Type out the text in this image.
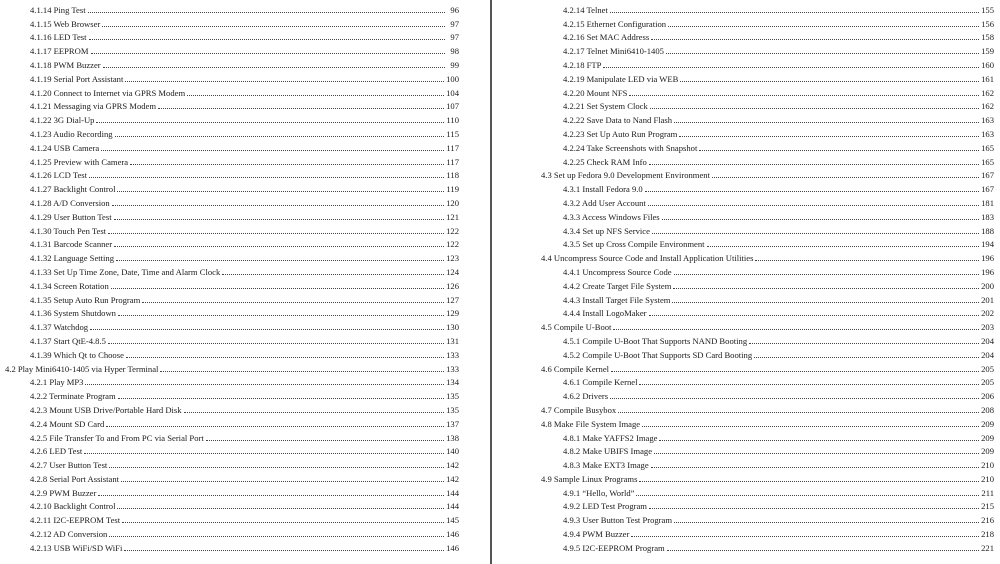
4.1.14 Ping Test	96
4.1.15 Web Browser	97
4.1.16 LED Test	97
4.1.17 EEPROM	98
4.1.18 PWM Buzzer	99
4.1.19 Serial Port Assistant	100
4.1.20 Connect to Internet via GPRS Modem	104
4.1.21 Messaging via GPRS Modem	107
4.1.22 3G Dial-Up	110
4.1.23 Audio Recording	115
4.1.24 USB Camera	117
4.1.25 Preview with Camera	117
4.1.26 LCD Test	118
4.1.27 Backlight Control	119
4.1.28 A/D Conversion	120
4.1.29 User Button Test	121
4.1.30 Touch Pen Test	122
4.1.31 Barcode Scanner	122
4.1.32 Language Setting	123
4.1.33 Set Up Time Zone, Date, Time and Alarm Clock	124
4.1.34 Screen Rotation	126
4.1.35 Setup Auto Run Program	127
4.1.36 System Shutdown	129
4.1.37 Watchdog	130
4.1.37 Start QtE-4.8.5	131
4.1.39 Which Qt to Choose	133
4.2 Play Mini6410-1405 via Hyper Terminal	133
4.2.1 Play MP3	134
4.2.2 Terminate Program	135
4.2.3 Mount USB Drive/Portable Hard Disk	135
4.2.4 Mount SD Card	137
4.2.5 File Transfer To and From PC via Serial Port	138
4.2.6 LED Test	140
4.2.7 User Button Test	142
4.2.8 Serial Port Assistant	142
4.2.9 PWM Buzzer	144
4.2.10 Backlight Control	144
4.2.11 I2C-EEPROM Test	145
4.2.12 AD Conversion	146
4.2.13 USB WiFi/SD WiFi	146
4.2.14 Telnet	155
4.2.15 Ethernet Configuration	156
4.2.16 Set MAC Address	158
4.2.17 Telnet Mini6410-1405	159
4.2.18 FTP	160
4.2.19 Manipulate LED via WEB	161
4.2.20 Mount NFS	162
4.2.21 Set System Clock	162
4.2.22 Save Data to Nand Flash	163
4.2.23 Set Up Auto Run Program	163
4.2.24 Take Screenshots with Snapshot	165
4.2.25 Check RAM Info	165
4.3 Set up Fedora 9.0 Development Environment	167
4.3.1 Install Fedora 9.0	167
4.3.2 Add User Account	181
4.3.3 Access Windows Files	183
4.3.4 Set up NFS Service	188
4.3.5 Set up Cross Compile Environment	194
4.4 Uncompress Source Code and Install Application Utilities	196
4.4.1 Uncompress Source Code	196
4.4.2 Create Target File System	200
4.4.3 Install Target File System	201
4.4.4 Install LogoMaker	202
4.5 Compile U-Boot	203
4.5.1 Compile U-Boot That Supports NAND Booting	204
4.5.2 Compile U-Boot That Supports SD Card Booting	204
4.6 Compile Kernel	205
4.6.1 Compile Kernel	205
4.6.2 Drivers	206
4.7 Compile Busybox	208
4.8 Make File System Image	209
4.8.1 Make YAFFS2 Image	209
4.8.2 Make UBIFS Image	209
4.8.3 Make EXT3 Image	210
4.9 Sample Linux Programs	210
4.9.1 “Hello, World”	211
4.9.2 LED Test Program	215
4.9.3 User Button Test Program	216
4.9.4 PWM Buzzer	218
4.9.5 I2C-EEPROM Program	221
